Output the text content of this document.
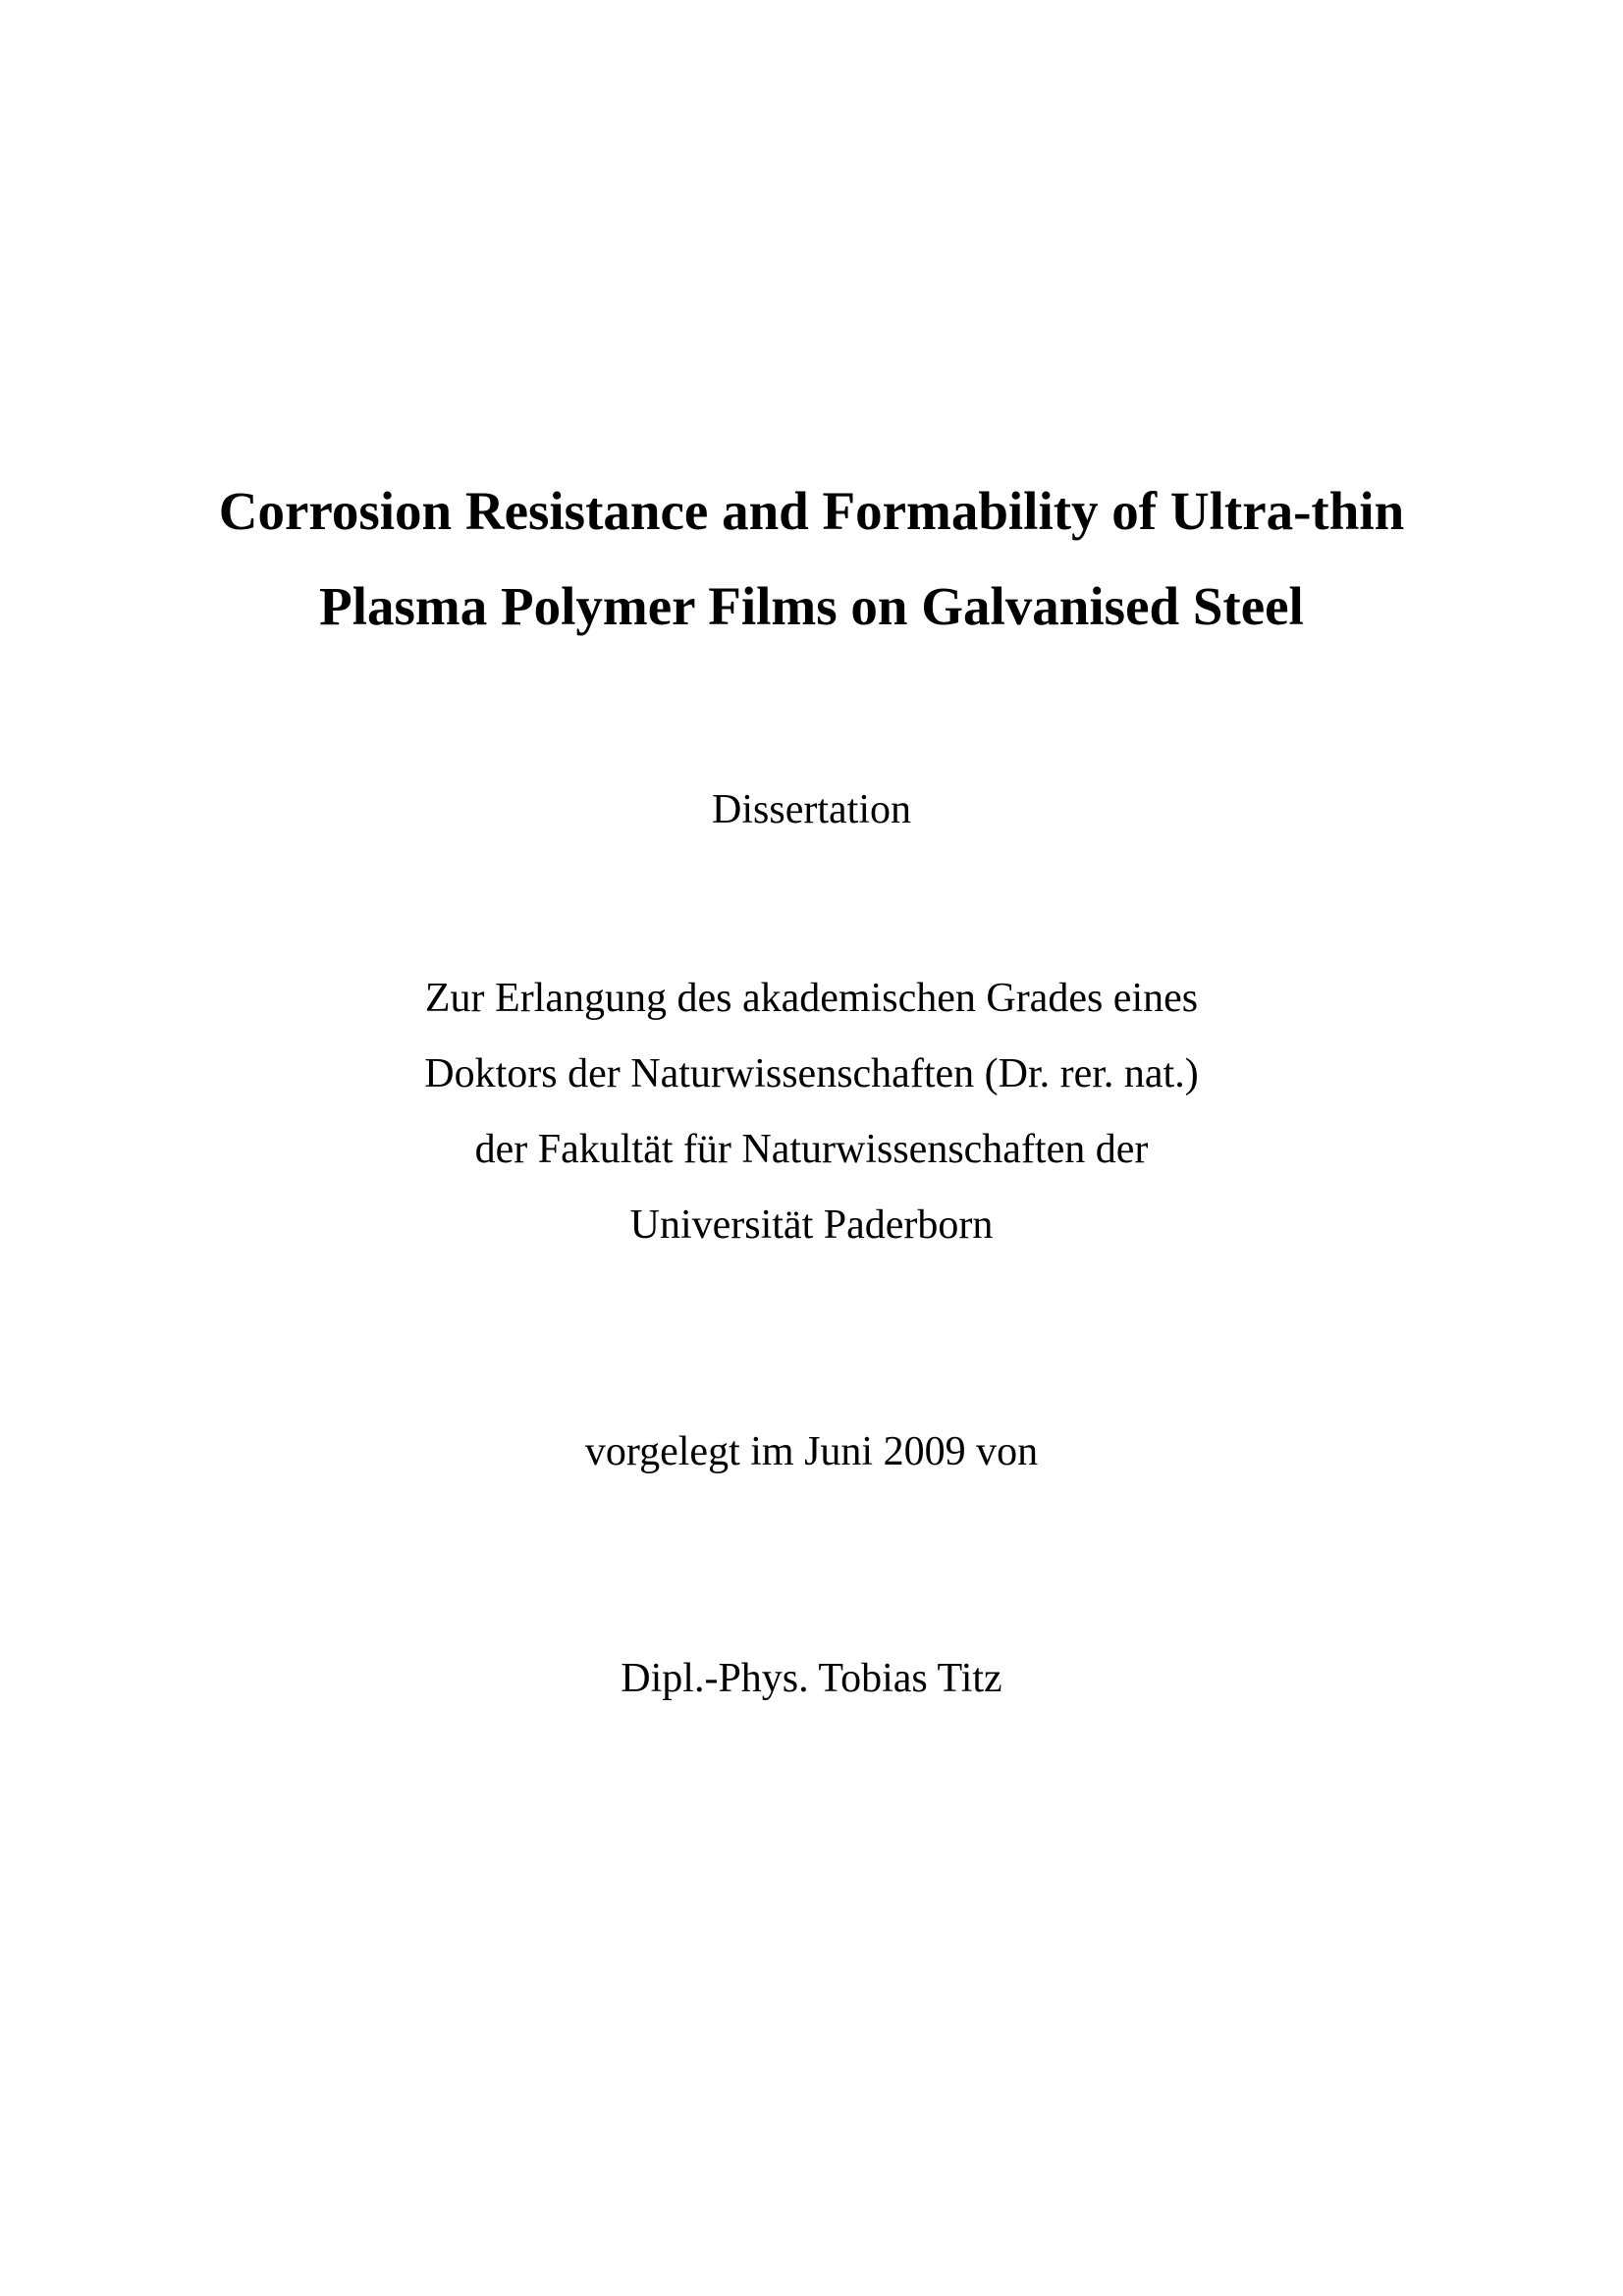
Corrosion Resistance and Formability of Ultra-thin
Plasma Polymer Films on Galvanised Steel
Dissertation
Zur Erlangung des akademischen Grades eines
Doktors der Naturwissenschaften (Dr. rer. nat.)
der Fakultät für Naturwissenschaften der
Universität Paderborn
vorgelegt im Juni 2009 von
Dipl.-Phys. Tobias Titz
